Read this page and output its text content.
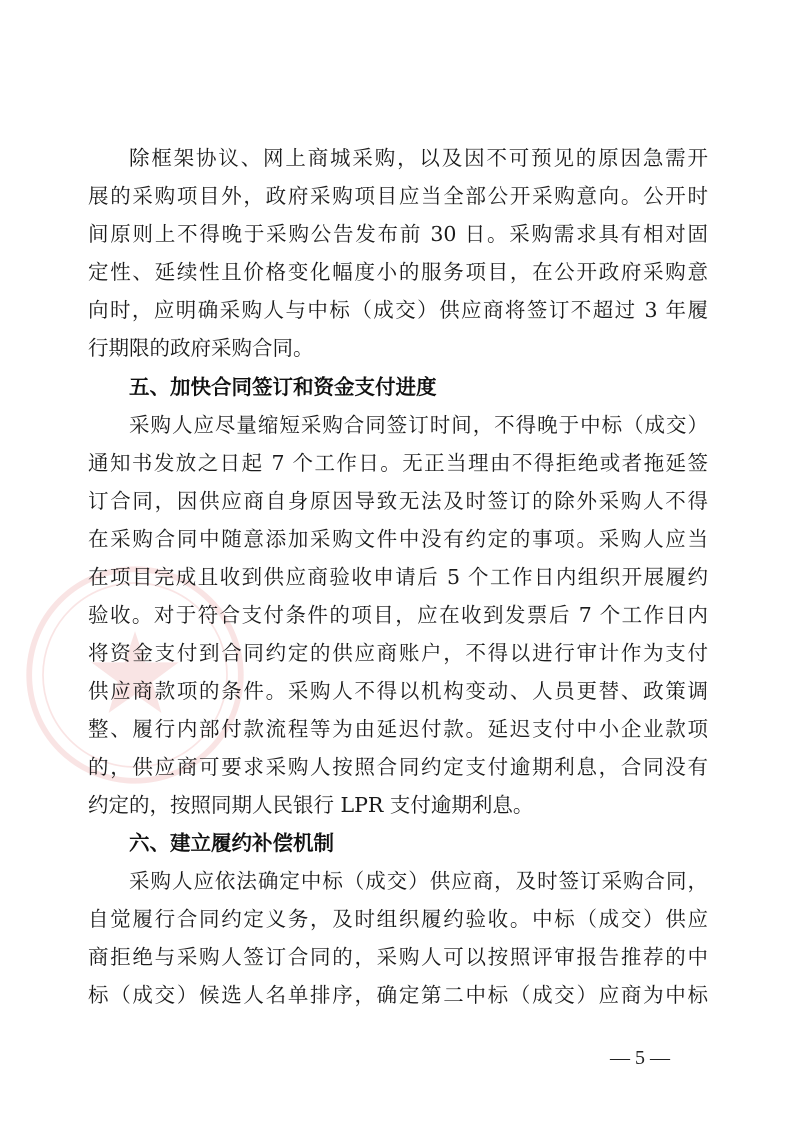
除框架协议、网上商城采购，以及因不可预见的原因急需开
展的采购项目外，政府采购项目应当全部公开采购意向。公开时
间原则上不得晚于采购公告发布前 30 日。采购需求具有相对固
定性、延续性且价格变化幅度小的服务项目，在公开政府采购意
向时，应明确采购人与中标（成交）供应商将签订不超过 3 年履
行期限的政府采购合同。
五、加快合同签订和资金支付进度
采购人应尽量缩短采购合同签订时间，不得晚于中标（成交）
通知书发放之日起 7 个工作日。无正当理由不得拒绝或者拖延签
订合同，因供应商自身原因导致无法及时签订的除外采购人不得
在采购合同中随意添加采购文件中没有约定的事项。采购人应当
在项目完成且收到供应商验收申请后 5 个工作日内组织开展履约
验收。对于符合支付条件的项目，应在收到发票后 7 个工作日内
将资金支付到合同约定的供应商账户，不得以进行审计作为支付
供应商款项的条件。采购人不得以机构变动、人员更替、政策调
整、履行内部付款流程等为由延迟付款。延迟支付中小企业款项
的，供应商可要求采购人按照合同约定支付逾期利息，合同没有
约定的，按照同期人民银行 LPR 支付逾期利息。
六、建立履约补偿机制
采购人应依法确定中标（成交）供应商，及时签订采购合同，
自觉履行合同约定义务，及时组织履约验收。中标（成交）供应
商拒绝与采购人签订合同的，采购人可以按照评审报告推荐的中
标（成交）候选人名单排序，确定第二中标（成交）应商为中标
— 5 —
